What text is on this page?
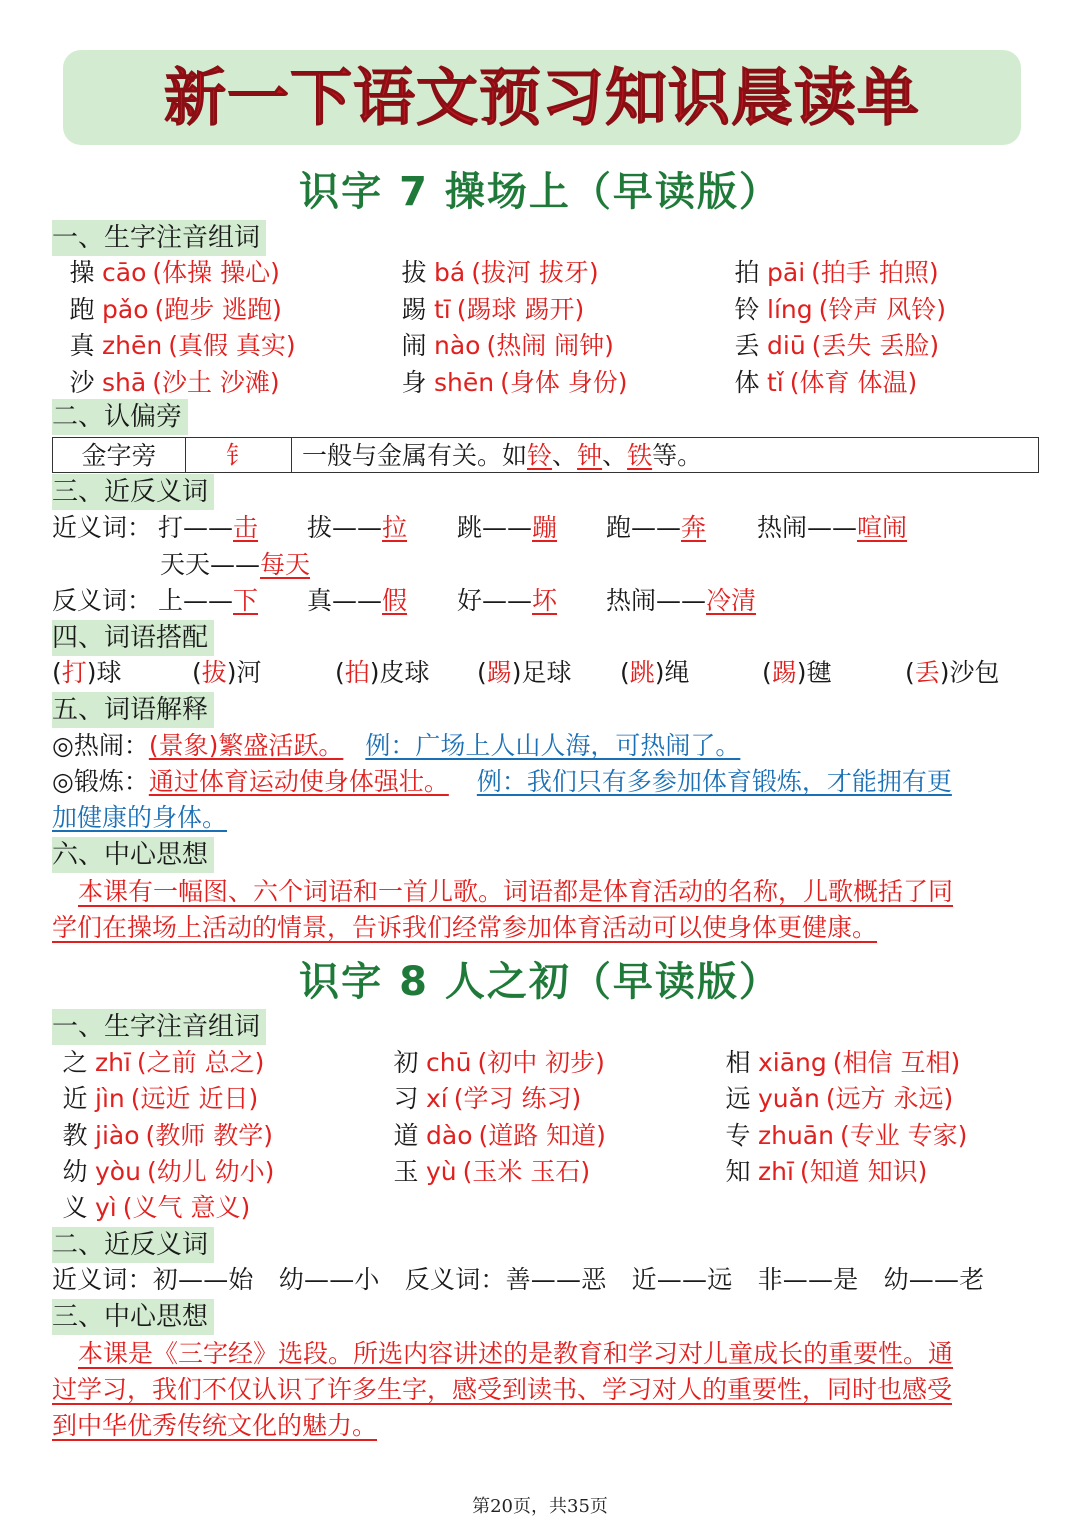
新一下语文预习知识晨读单
识字 7 操场上（早读版）
一、生字注音组词
操 cāo (体操 操心)	拔 bá (拔河 拔牙)	拍 pāi (拍手 拍照)
跑 pǎo (跑步 逃跑)	踢 tī (踢球 踢开)	铃 líng (铃声 风铃)
真 zhēn (真假 真实)	闹 nào (热闹 闹钟)	丢 diū (丢失 丢脸)
沙 shā (沙土 沙滩)	身 shēn (身体 身份)	体 tǐ (体育 体温)
二、认偏旁
金字旁	钅	一般与金属有关。如铃、钟、铁等。
三、近反义词
近义词： 打——击 拔——拉 跳——蹦 跑——奔 热闹——喧闹
天天——每天
反义词： 上——下 真——假 好——坏 热闹——冷清
四、词语搭配
(打)球	(拔)河	(拍)皮球 (踢)足球 (跳)绳	(踢)毽	(丢)沙包
五、词语解释
◎热闹：(景象)繁盛活跃。 例：广场上人山人海，可热闹了。
◎锻炼：通过体育运动使身体强壮。 例：我们只有多参加体育锻炼，才能拥有更
加健康的身体。
六、中心思想
本课有一幅图、六个词语和一首儿歌。词语都是体育活动的名称，儿歌概括了同
学们在操场上活动的情景，告诉我们经常参加体育活动可以使身体更健康。
识字 8 人之初（早读版）
一、生字注音组词
之 zhī (之前 总之)	初 chū (初中 初步)	相 xiāng (相信 互相)
近 jìn (远近 近日)	习 xí (学习 练习)	远 yuǎn (远方 永远)
教 jiào (教师 教学)	道 dào (道路 知道)	专 zhuān (专业 专家)
幼 yòu (幼儿 幼小)	玉 yù (玉米 玉石)	知 zhī (知道 知识)
义 yì (义气 意义)
二、近反义词
近义词：初——始　幼——小　反义词：善——恶　近——远　非——是　幼——老
三、中心思想
本课是《三字经》选段。所选内容讲述的是教育和学习对儿童成长的重要性。通
过学习，我们不仅认识了许多生字，感受到读书、学习对人的重要性，同时也感受
到中华优秀传统文化的魅力。
第20页，共35页
